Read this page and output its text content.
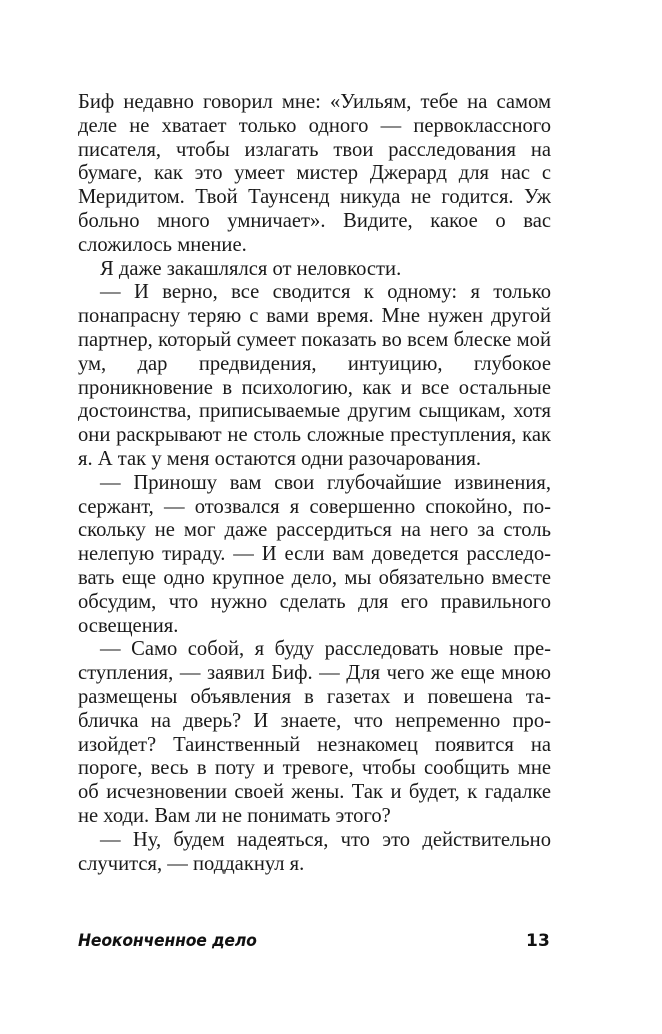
Биф недавно говорил мне: «Уильям, тебе на самом деле не хватает только одного — первоклассного писателя, чтобы излагать твои расследования на бумаге, как это умеет мистер Джерард для нас с Меридитом. Твой Таунсенд никуда не годится. Уж больно много умничает». Видите, какое о вас сложилось мнение.

Я даже закашлялся от неловкости.

— И верно, все сводится к одному: я только понапрасну теряю с вами время. Мне нужен другой партнер, который сумеет показать во всем блеске мой ум, дар предвидения, интуицию, глубокое проникновение в психологию, как и все остальные достоинства, приписываемые другим сыщикам, хотя они раскрывают не столь сложные преступления, как я. А так у меня остаются одни разочарования.

— Приношу вам свои глубочайшие извинения, сержант, — отозвался я совершенно спокойно, поскольку не мог даже рассердиться на него за столь нелепую тираду. — И если вам доведется расследовать еще одно крупное дело, мы обязательно вместе обсудим, что нужно сделать для его правильного освещения.

— Само собой, я буду расследовать новые преступления, — заявил Биф. — Для чего же еще мною размещены объявления в газетах и повешена табличка на дверь? И знаете, что непременно произойдет? Таинственный незнакомец появится на пороге, весь в поту и тревоге, чтобы сообщить мне об исчезновении своей жены. Так и будет, к гадалке не ходи. Вам ли не понимать этого?

— Ну, будем надеяться, что это действительно случится, — поддакнул я.

Неоконченное дело	13
